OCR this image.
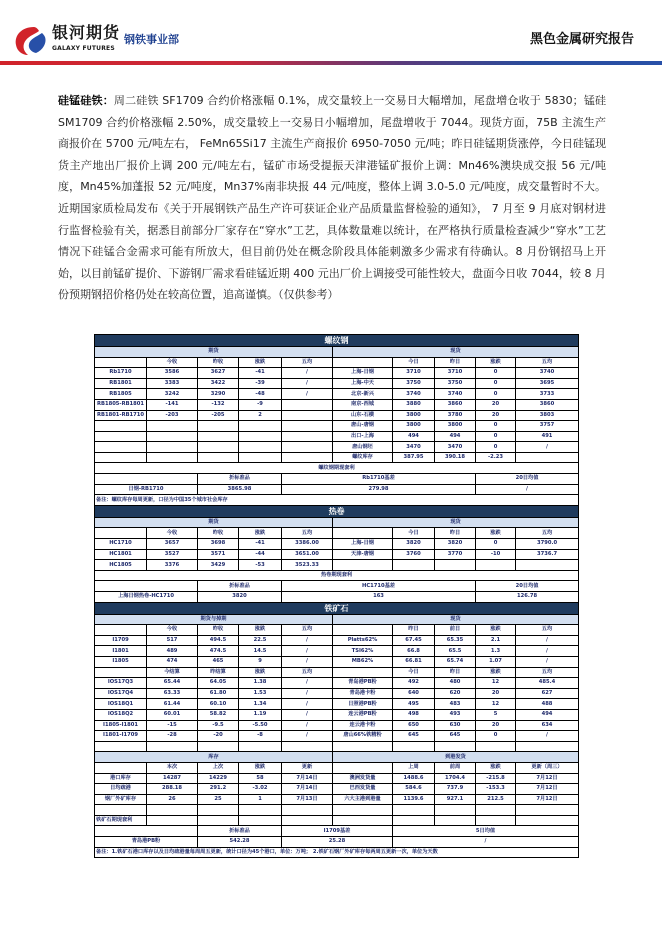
银河期货
GALAXY FUTURES
钢铁事业部	黑色金属研究报告
硅锰硅铁：周二硅铁 SF1709 合约价格涨幅 0.1%，成交量较上一交易日大幅增加，尾盘增仓收于 5830；锰硅 SM1709 合约价格涨幅 2.50%，成交量较上一交易日小幅增加，尾盘增收于 7044。现货方面，75B 主流生产商报价在 5700 元/吨左右， FeMn65Si17 主流生产商报价 6950-7050 元/吨；昨日硅锰期货涨停，今日硅锰现货主产地出厂报价上调 200 元/吨左右，锰矿市场受提振天津港锰矿报价上调：Mn46%澳块成交报 56 元/吨度，Mn45%加蓬报 52 元/吨度，Mn37%南非块报 44 元/吨度，整体上调 3.0-5.0 元/吨度，成交量暂时不大。近期国家质检局发布《关于开展钢铁产品生产许可获证企业产品质量监督检验的通知》， 7 月至 9 月底对钢材进行监督检验有关，据悉目前部分厂家存在“穿水”工艺，具体数量难以统计，在严格执行质量检查减少“穿水”工艺情况下硅锰合金需求可能有所放大，但目前仍处在概念阶段具体能刺激多少需求有待确认。8 月份钢招马上开始，以目前锰矿提价、下游钢厂需求看硅锰近期 400 元出厂价上调接受可能性较大，盘面今日收 7044，较 8 月份预期钢招价格仍处在较高位置，追高谨慎。（仅供参考）
螺纹钢									
期货					现货				
	今收	昨收	涨跌	五均		今日	昨日	涨跌	五均
Rb1710	3586	3627	-41	/	上海-日钢	3710	3710	0	3740
RB1801	3383	3422	-39	/	上海-中天	3750	3750	0	3695
RB1805	3242	3290	-48	/	北京-新兴	3740	3740	0	3733
RB1805-RB1801	-141	-132	-9		南京-西城	3880	3860	20	3860
RB1801-RB1710	-203	-205	2		山东-石横	3800	3780	20	3803
					唐山-唐钢	3800	3800	0	3757
					出口-上海	494	494	0	491
					唐山钢坯	3470	3470	0	/
					螺纹库存	387.95	390.18	-2.23	
螺纹钢期现套利									
		折标准品		Rb1710基差				20日均值	
日钢-RB1710		3865.98		279.98				/	
备注：螺纹库存每周更新，口径为中国35个城市社会库存									
热卷									
期货					现货				
	今收	昨收	涨跌	五均		今日	昨日	涨跌	五均
HC1710	3657	3698	-41	3386.00	上海-日钢	3820	3820	0	3790.0
HC1801	3527	3571	-44	3651.00	天津-唐钢	3760	3770	-10	3736.7
HC1805	3376	3429	-53	3523.33					
热卷期现套利									
		折标准品		HC1710基差				20日均值	
上海日钢热卷-HC1710		3820		163				126.78	
铁矿石									
期货与掉期					现货				
	今收	昨收	涨跌	五均		昨日	前日	涨跌	五均
I1709	517	494.5	22.5	/	Platts62%	67.45	65.35	2.1	/
I1801	489	474.5	14.5	/	TSI62%	66.8	65.5	1.3	/
I1805	474	465	9	/	MB62%	66.81	65.74	1.07	/
	今结算	昨结算	涨跌	五均		今日	昨日	涨跌	五均
IOS17Q3	65.44	64.05	1.38	/	青岛港PB粉	492	480	12	485.4
IOS17Q4	63.33	61.80	1.53	/	青岛港卡粉	640	620	20	627
IOS18Q1	61.44	60.10	1.34	/	日照港PB粉	495	483	12	488
IOS18Q2	60.01	58.82	1.19	/	连云港PB粉	498	493	5	494
I1805-I1801	-15	-9.5	-5.50	/	连云港卡粉	650	630	20	634
I1801-I1709	-28	-20	-8	/	唐山66%铁精粉	645	645	0	/

库存					到港发货				
	本次	上次	涨跌	更新		上周	前周	涨跌	更新（周三）
港口库存	14287	14229	58	7月14日	澳洲发货量	1488.6	1704.4	-215.8	7月12日
日均疏港	288.18	291.2	-3.02	7月14日	巴西发货量	584.6	737.9	-153.3	7月12日
钢厂外矿库存	26	25	1	7月13日	六大主港到港量	1139.6	927.1	212.5	7月12日

铁矿石期现套利									
		折标准品		I1709基差		5日均值			
青岛港PB粉		542.28		25.28		/			
备注：1.铁矿石港口库存以及日均疏港量每周周五更新，统计口径为45个港口，单位：万吨； 2.铁矿石钢厂外矿库存每两周五更新一次，单位为天数									
